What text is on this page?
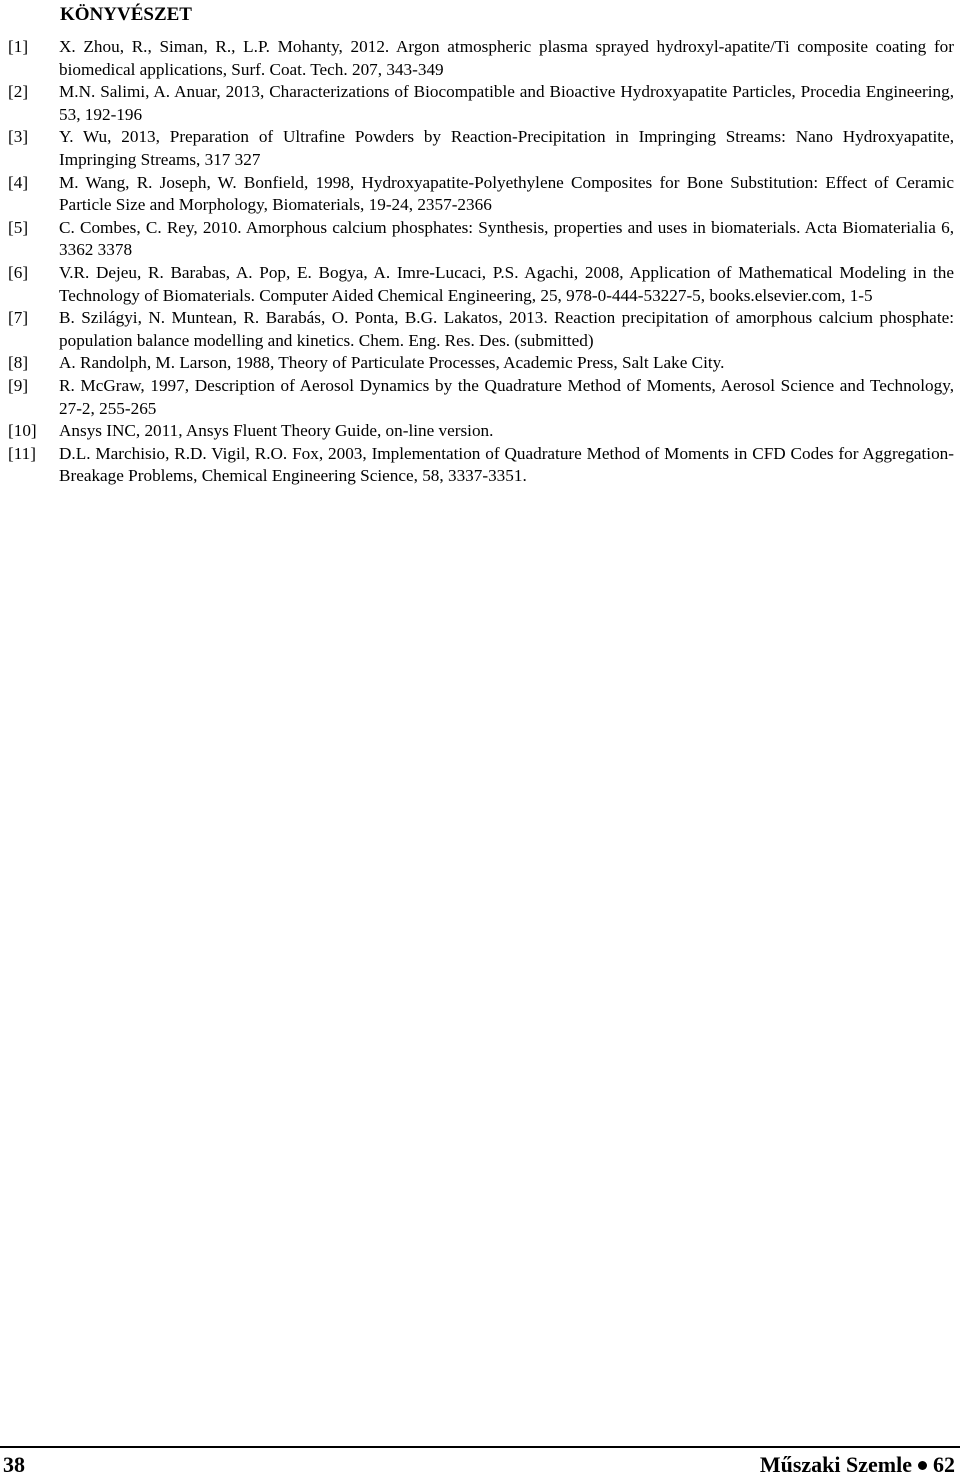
KÖNYVÉSZET
[1] X. Zhou, R., Siman, R., L.P. Mohanty, 2012. Argon atmospheric plasma sprayed hydroxyl-apatite/Ti composite coating for biomedical applications, Surf. Coat. Tech. 207, 343-349
[2] M.N. Salimi, A. Anuar, 2013, Characterizations of Biocompatible and Bioactive Hydroxyapatite Particles, Procedia Engineering, 53, 192-196
[3] Y. Wu, 2013, Preparation of Ultrafine Powders by Reaction-Precipitation in Impringing Streams: Nano Hydroxyapatite, Impringing Streams, 317 327
[4] M. Wang, R. Joseph, W. Bonfield, 1998, Hydroxyapatite-Polyethylene Composites for Bone Substitution: Effect of Ceramic Particle Size and Morphology, Biomaterials, 19-24, 2357-2366
[5] C. Combes, C. Rey, 2010. Amorphous calcium phosphates: Synthesis, properties and uses in biomaterials. Acta Biomaterialia 6, 3362 3378
[6] V.R. Dejeu, R. Barabas, A. Pop, E. Bogya, A. Imre-Lucaci, P.S. Agachi, 2008, Application of Mathematical Modeling in the Technology of Biomaterials. Computer Aided Chemical Engineering, 25, 978-0-444-53227-5, books.elsevier.com, 1-5
[7] B. Szilágyi, N. Muntean, R. Barabás, O. Ponta, B.G. Lakatos, 2013. Reaction precipitation of amorphous calcium phosphate: population balance modelling and kinetics. Chem. Eng. Res. Des. (submitted)
[8] A. Randolph, M. Larson, 1988, Theory of Particulate Processes, Academic Press, Salt Lake City.
[9] R. McGraw, 1997, Description of Aerosol Dynamics by the Quadrature Method of Moments, Aerosol Science and Technology, 27-2, 255-265
[10] Ansys INC, 2011, Ansys Fluent Theory Guide, on-line version.
[11] D.L. Marchisio, R.D. Vigil, R.O. Fox, 2003, Implementation of Quadrature Method of Moments in CFD Codes for Aggregation-Breakage Problems, Chemical Engineering Science, 58, 3337-3351.
38	Műszaki Szemle 62
